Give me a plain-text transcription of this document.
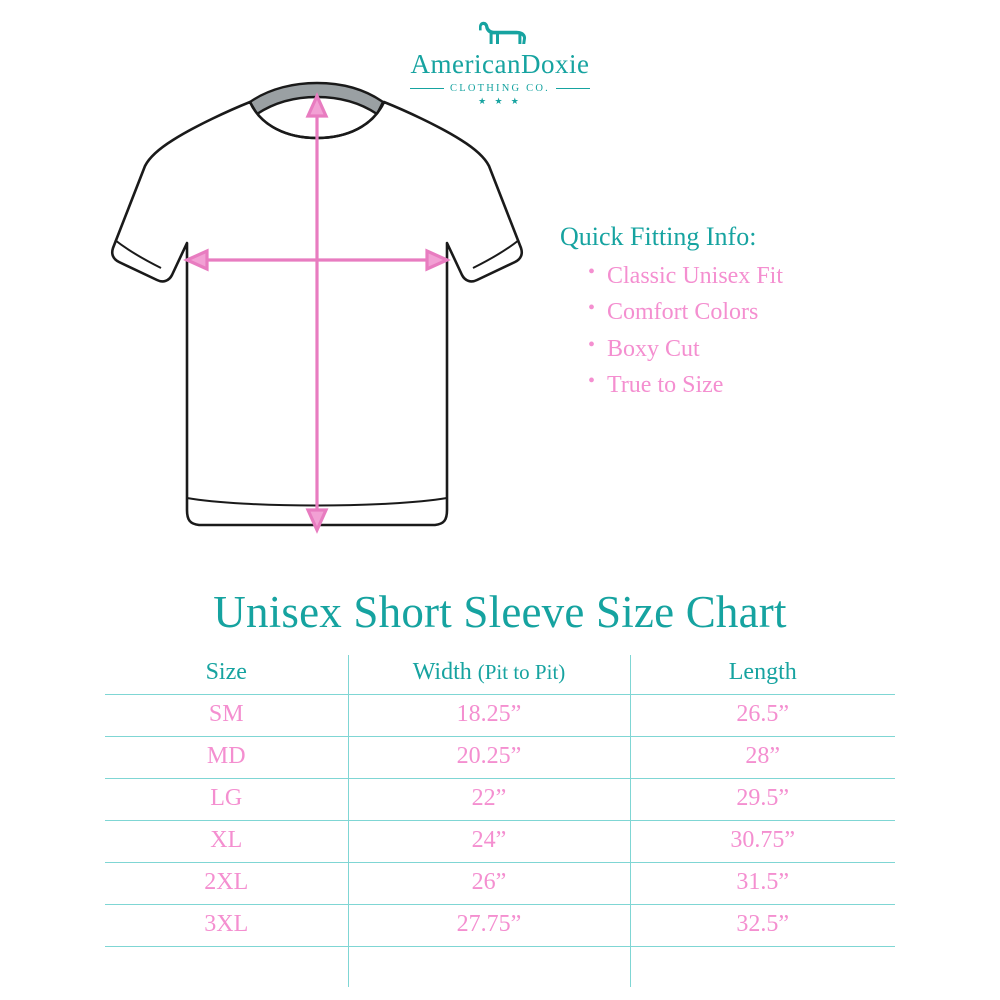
AmericanDoxie
CLOTHING CO.
★ ★ ★
Quick Fitting Info:
• Classic Unisex Fit
• Comfort Colors
• Boxy Cut
• True to Size
Unisex Short Sleeve Size Chart
Size	Width (Pit to Pit)	Length
SM	18.25”	26.5”
MD	20.25”	28”
LG	22”	29.5”
XL	24”	30.75”
2XL	26”	31.5”
3XL	27.75”	32.5”
